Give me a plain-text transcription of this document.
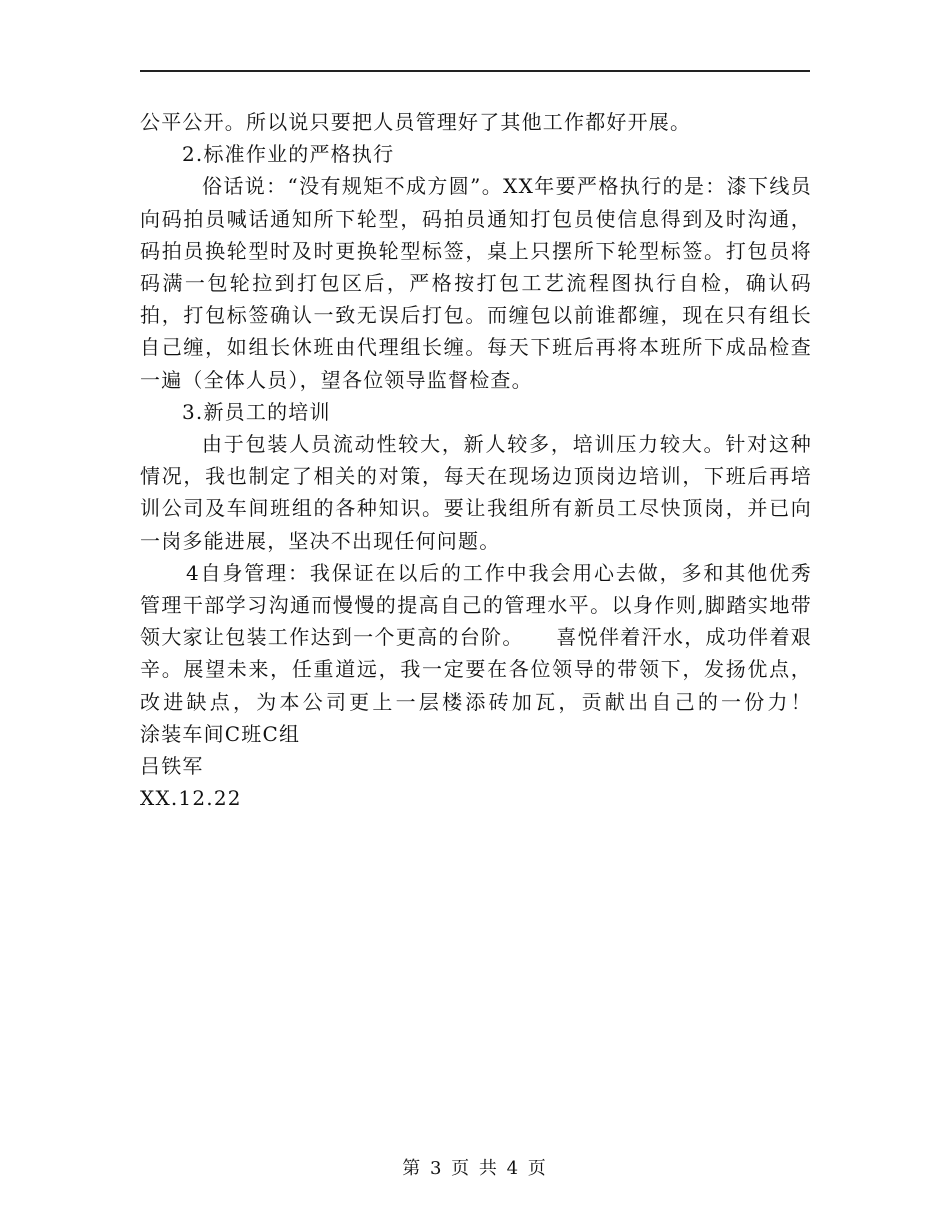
公平公开。所以说只要把人员管理好了其他工作都好开展。

2.标准作业的严格执行

俗话说：“没有规矩不成方圆”。XX年要严格执行的是：漆下线员向码拍员喊话通知所下轮型，码拍员通知打包员使信息得到及时沟通，码拍员换轮型时及时更换轮型标签，桌上只摆所下轮型标签。打包员将码满一包轮拉到打包区后，严格按打包工艺流程图执行自检，确认码拍，打包标签确认一致无误后打包。而缠包以前谁都缠，现在只有组长自己缠，如组长休班由代理组长缠。每天下班后再将本班所下成品检查一遍（全体人员），望各位领导监督检查。

3.新员工的培训

由于包装人员流动性较大，新人较多，培训压力较大。针对这种情况，我也制定了相关的对策，每天在现场边顶岗边培训，下班后再培训公司及车间班组的各种知识。要让我组所有新员工尽快顶岗，并已向一岗多能进展，坚决不出现任何问题。

4自身管理：我保证在以后的工作中我会用心去做，多和其他优秀管理干部学习沟通而慢慢的提高自己的管理水平。以身作则,脚踏实地带领大家让包装工作达到一个更高的台阶。　　喜悦伴着汗水，成功伴着艰辛。展望未来，任重道远，我一定要在各位领导的带领下，发扬优点，改进缺点，为本公司更上一层楼添砖加瓦，贡献出自己的一份力！　　涂装车间C班C组

吕铁军

XX.12.22

第 3 页 共 4 页
